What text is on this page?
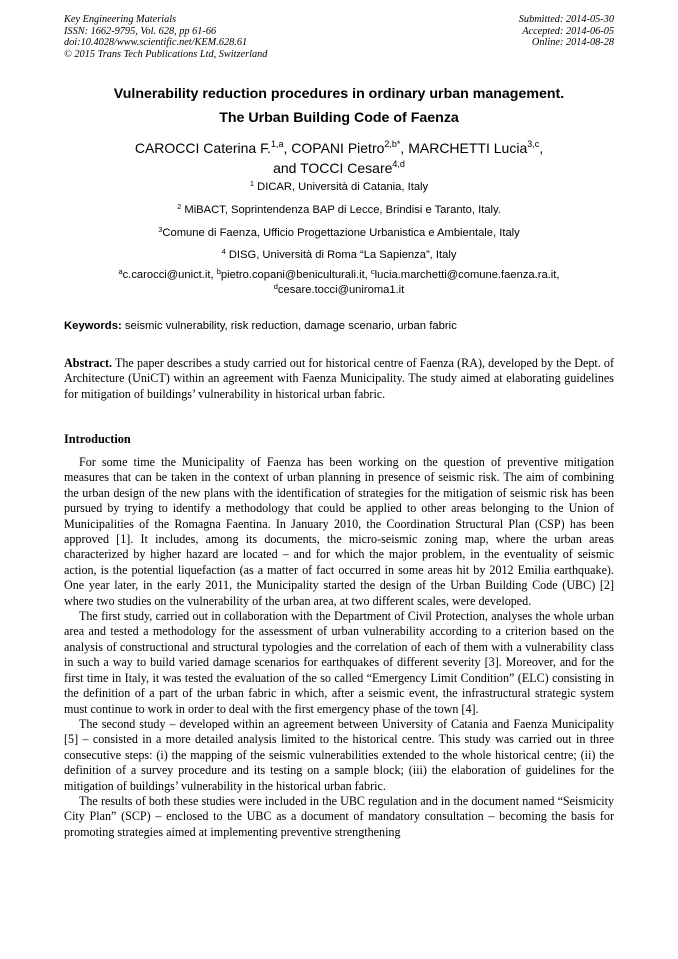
Key Engineering Materials
ISSN: 1662-9795, Vol. 628, pp 61-66
doi:10.4028/www.scientific.net/KEM.628.61
© 2015 Trans Tech Publications Ltd, Switzerland
Submitted: 2014-05-30
Accepted: 2014-06-05
Online: 2014-08-28
Vulnerability reduction procedures in ordinary urban management.
The Urban Building Code of Faenza
CAROCCI Caterina F.$^{1,a}$, COPANI Pietro$^{2,b*}$, MARCHETTI Lucia$^{3,c}$,
and TOCCI Cesare$^{4,d}$
$^1$ DICAR, Università di Catania, Italy
$^2$ MiBACT, Soprintendenza BAP di Lecce, Brindisi e Taranto, Italy.
$^3$Comune di Faenza, Ufficio Progettazione Urbanistica e Ambientale, Italy
$^4$ DISG, Università di Roma “La Sapienza”, Italy
$^a$c.carocci@unict.it, $^b$pietro.copani@beniculturali.it, $^c$lucia.marchetti@comune.faenza.ra.it,
$^d$cesare.tocci@uniroma1.it
Keywords: seismic vulnerability, risk reduction, damage scenario, urban fabric
Abstract. The paper describes a study carried out for historical centre of Faenza (RA), developed by the Dept. of Architecture (UniCT) within an agreement with Faenza Municipality. The study aimed at elaborating guidelines for mitigation of buildings’ vulnerability in historical urban fabric.
Introduction

For some time the Municipality of Faenza has been working on the question of preventive mitigation measures that can be taken in the context of urban planning in presence of seismic risk. The aim of combining the urban design of the new plans with the identification of strategies for the mitigation of seismic risk has been pursued by trying to identify a methodology that could be applied to other areas belonging to the Union of Municipalities of the Romagna Faentina. In January 2010, the Coordination Structural Plan (CSP) has been approved [1]. It includes, among its documents, the micro-seismic zoning map, where the urban areas characterized by higher hazard are located – and for which the major problem, in the eventuality of seismic action, is the potential liquefaction (as a matter of fact occurred in some areas hit by 2012 Emilia earthquake). One year later, in the early 2011, the Municipality started the design of the Urban Building Code (UBC) [2] where two studies on the vulnerability of the urban area, at two different scales, were developed.

The first study, carried out in collaboration with the Department of Civil Protection, analyses the whole urban area and tested a methodology for the assessment of urban vulnerability according to a criterion based on the analysis of constructional and structural typologies and the correlation of each of them with a vulnerability class in such a way to build varied damage scenarios for earthquakes of different severity [3]. Moreover, and for the first time in Italy, it was tested the evaluation of the so called “Emergency Limit Condition” (ELC) consisting in the definition of a part of the urban fabric in which, after a seismic event, the infrastructural strategic system must continue to work in order to deal with the first emergency phase of the town [4].

The second study – developed within an agreement between University of Catania and Faenza Municipality [5] – consisted in a more detailed analysis limited to the historical centre. This study was carried out in three consecutive steps: (i) the mapping of the seismic vulnerabilities extended to the whole historical centre; (ii) the definition of a survey procedure and its testing on a sample block; (iii) the elaboration of guidelines for the mitigation of buildings’ vulnerability in the historical urban fabric.

The results of both these studies were included in the UBC regulation and in the document named “Seismicity City Plan” (SCP) – enclosed to the UBC as a document of mandatory consultation – becoming the basis for promoting strategies aimed at implementing preventive strengthening
